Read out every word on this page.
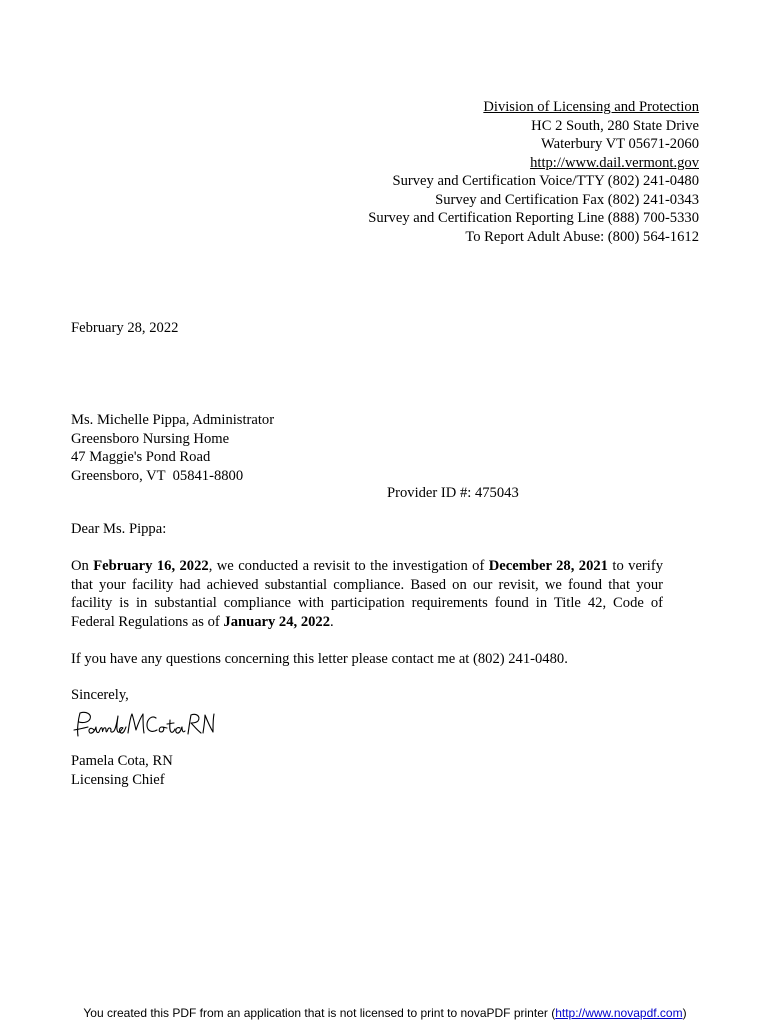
Division of Licensing and Protection
HC 2 South, 280 State Drive
Waterbury VT 05671-2060
http://www.dail.vermont.gov
Survey and Certification Voice/TTY (802) 241-0480
Survey and Certification Fax (802) 241-0343
Survey and Certification Reporting Line (888) 700-5330
To Report Adult Abuse: (800) 564-1612
February 28, 2022
Ms. Michelle Pippa, Administrator
Greensboro Nursing Home
47 Maggie's Pond Road
Greensboro, VT  05841-8800
Provider ID #: 475043
Dear Ms. Pippa:
On February 16, 2022, we conducted a revisit to the investigation of December 28, 2021 to verify that your facility had achieved substantial compliance. Based on our revisit, we found that your facility is in substantial compliance with participation requirements found in Title 42, Code of Federal Regulations as of January 24, 2022.
If you have any questions concerning this letter please contact me at (802) 241-0480.
Sincerely,
Pamela Cota, RN
Licensing Chief
You created this PDF from an application that is not licensed to print to novaPDF printer (http://www.novapdf.com)
